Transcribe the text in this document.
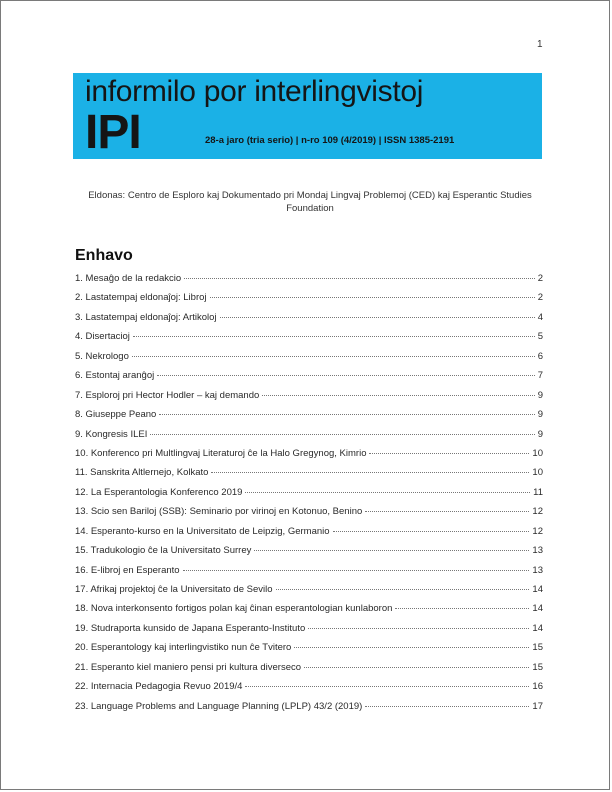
1
informilo por interlingvistoj
IPI	28-a jaro (tria serio) | n-ro 109 (4/2019) | ISSN 1385-2191
Eldonas: Centro de Esploro kaj Dokumentado pri Mondaj Lingvaj Problemoj (CED) kaj Esperantic Studies Foundation
Enhavo
1. Mesaĝo de la redakcio	2
2. Lastatempaj eldonaĵoj: Libroj	2
3. Lastatempaj eldonaĵoj: Artikoloj	4
4. Disertacioj	5
5. Nekrologo	6
6. Estontaj aranĝoj	7
7. Esploroj pri Hector Hodler – kaj demando	9
8. Giuseppe Peano	9
9. Kongresis ILEI	9
10. Konferenco pri Multlingvaj Literaturoj ĉe la Halo Gregynog, Kimrio	10
11. Sanskrita Altlernejo, Kolkato	10
12. La Esperantologia Konferenco 2019	11
13. Scio sen Bariloj (SSB): Seminario por virinoj en Kotonuo, Benino	12
14. Esperanto-kurso en la Universitato de Leipzig, Germanio	12
15. Tradukologio ĉe la Universitato Surrey	13
16. E-libroj en Esperanto	13
17. Afrikaj projektoj ĉe la Universitato de Sevilo	14
18. Nova interkonsento fortigos polan kaj ĉinan esperantologian kunlaboron	14
19. Studraporta kunsido de Japana Esperanto-Instituto	14
20. Esperantology kaj interlingvistiko nun ĉe Tvitero	15
21. Esperanto kiel maniero pensi pri kultura diverseco	15
22. Internacia Pedagogia Revuo 2019/4	16
23. Language Problems and Language Planning (LPLP) 43/2 (2019)	17
